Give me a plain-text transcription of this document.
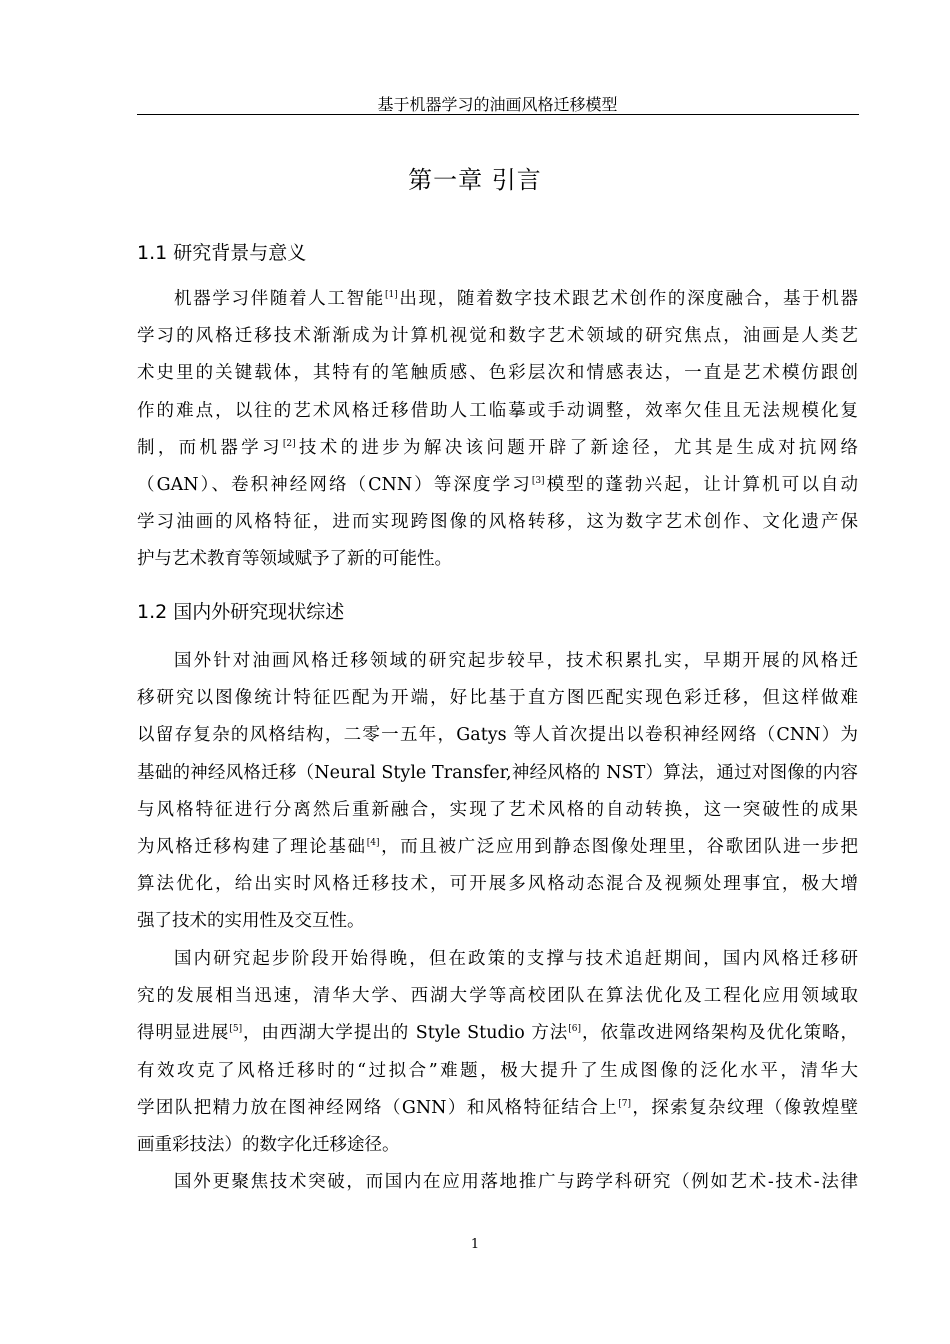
基于机器学习的油画风格迁移模型
第一章 引言
1.1 研究背景与意义
机器学习伴随着人工智能[1]出现，随着数字技术跟艺术创作的深度融合，基于机器
学习的风格迁移技术渐渐成为计算机视觉和数字艺术领域的研究焦点，油画是人类艺
术史里的关键载体，其特有的笔触质感、色彩层次和情感表达，一直是艺术模仿跟创
作的难点，以往的艺术风格迁移借助人工临摹或手动调整，效率欠佳且无法规模化复
制，而机器学习[2]技术的进步为解决该问题开辟了新途径，尤其是生成对抗网络
（GAN）、卷积神经网络（CNN）等深度学习[3]模型的蓬勃兴起，让计算机可以自动
学习油画的风格特征，进而实现跨图像的风格转移，这为数字艺术创作、文化遗产保
护与艺术教育等领域赋予了新的可能性。
1.2 国内外研究现状综述
国外针对油画风格迁移领域的研究起步较早，技术积累扎实，早期开展的风格迁
移研究以图像统计特征匹配为开端，好比基于直方图匹配实现色彩迁移，但这样做难
以留存复杂的风格结构，二零一五年，Gatys 等人首次提出以卷积神经网络（CNN）为
基础的神经风格迁移（Neural Style Transfer,神经风格的 NST）算法，通过对图像的内容
与风格特征进行分离然后重新融合，实现了艺术风格的自动转换，这一突破性的成果
为风格迁移构建了理论基础[4]，而且被广泛应用到静态图像处理里，谷歌团队进一步把
算法优化，给出实时风格迁移技术，可开展多风格动态混合及视频处理事宜，极大增
强了技术的实用性及交互性。
国内研究起步阶段开始得晚，但在政策的支撑与技术追赶期间，国内风格迁移研
究的发展相当迅速，清华大学、西湖大学等高校团队在算法优化及工程化应用领域取
得明显进展[5]，由西湖大学提出的 Style Studio 方法[6]，依靠改进网络架构及优化策略，
有效攻克了风格迁移时的“过拟合”难题，极大提升了生成图像的泛化水平，清华大
学团队把精力放在图神经网络（GNN）和风格特征结合上[7]，探索复杂纹理（像敦煌壁
画重彩技法）的数字化迁移途径。
国外更聚焦技术突破，而国内在应用落地推广与跨学科研究（例如艺术-技术-法律
1
